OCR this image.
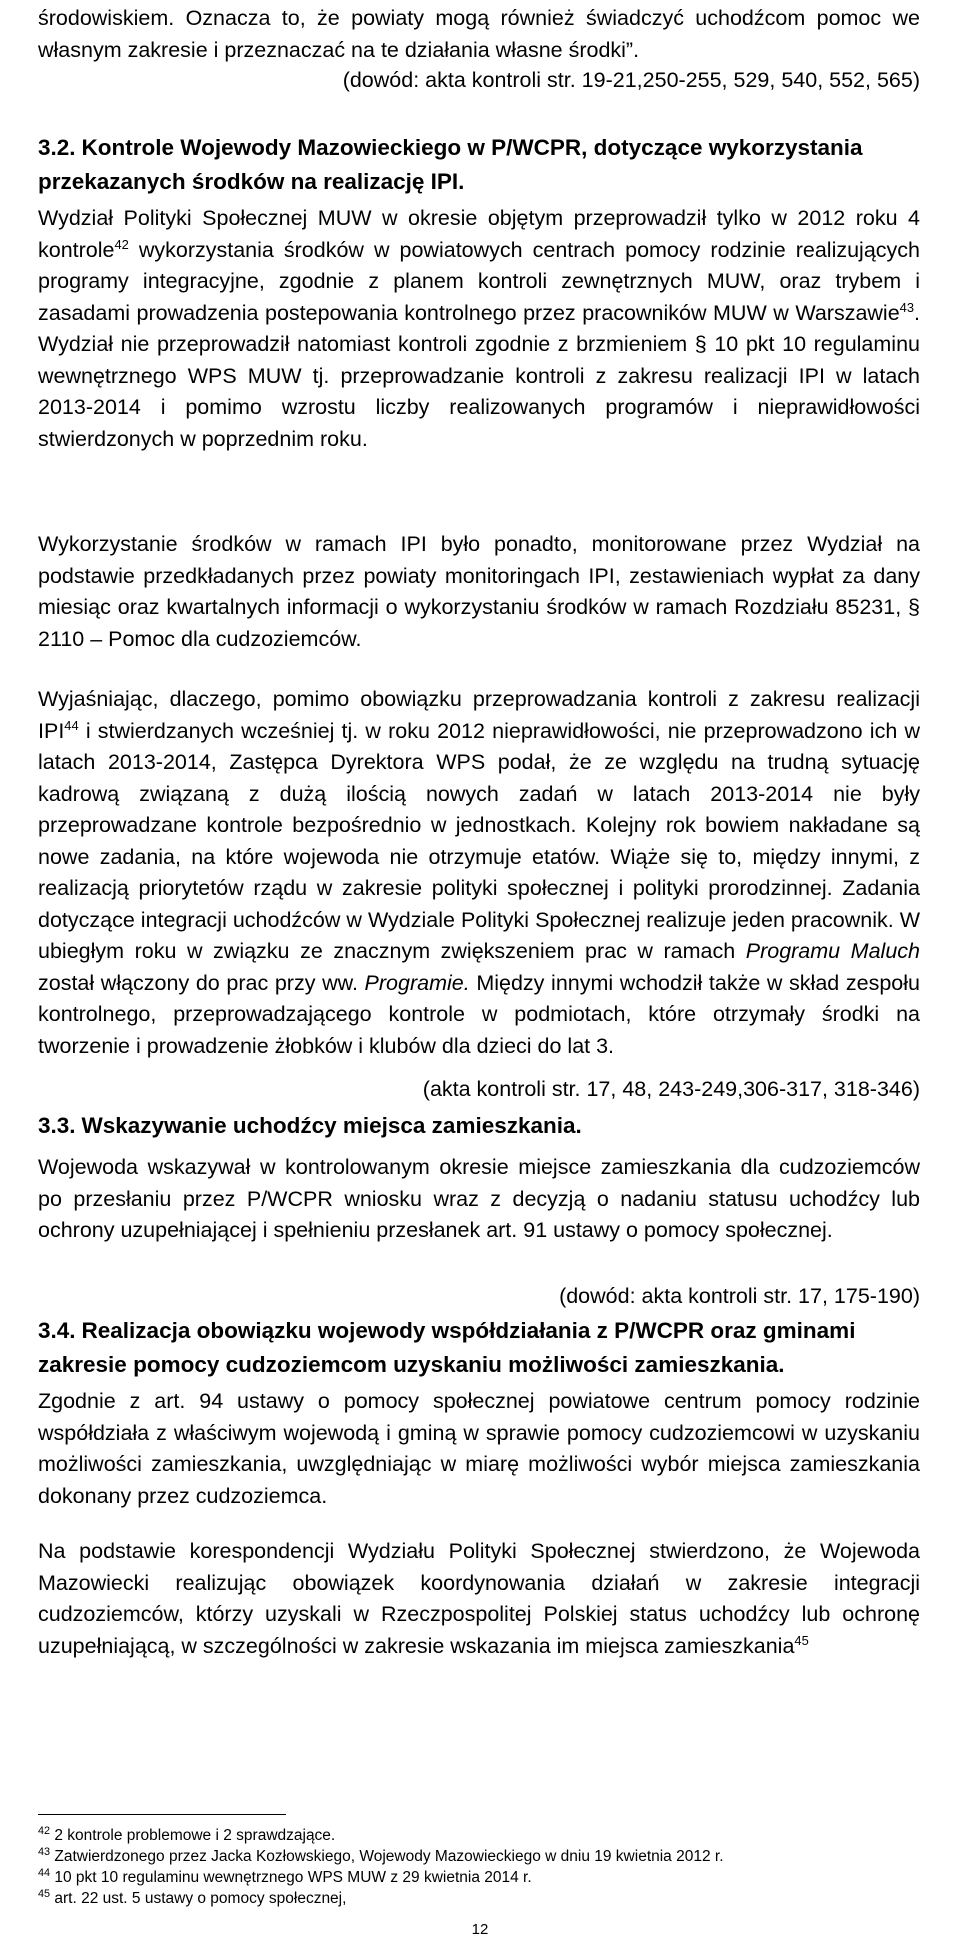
środowiskiem. Oznacza to, że powiaty mogą również świadczyć uchodźcom pomoc we własnym zakresie i przeznaczać na te działania własne środki”.

(dowód: akta kontroli str. 19-21,250-255, 529, 540, 552, 565)
3.2. Kontrole Wojewody Mazowieckiego w P/WCPR, dotyczące wykorzystania przekazanych środków na realizację IPI.

Wydział Polityki Społecznej MUW w okresie objętym przeprowadził tylko w 2012 roku 4 kontrole$^{42}$ wykorzystania środków w powiatowych centrach pomocy rodzinie realizujących programy integracyjne, zgodnie z planem kontroli zewnętrznych MUW, oraz trybem i zasadami prowadzenia postepowania kontrolnego przez pracowników MUW w Warszawie$^{43}$. Wydział nie przeprowadził natomiast kontroli zgodnie z brzmieniem § 10 pkt 10 regulaminu wewnętrznego WPS MUW tj. przeprowadzanie kontroli z zakresu realizacji IPI w latach 2013-2014 i pomimo wzrostu liczby realizowanych programów i nieprawidłowości stwierdzonych w poprzednim roku.

Wykorzystanie środków w ramach IPI było ponadto, monitorowane przez Wydział na podstawie przedkładanych przez powiaty monitoringach IPI, zestawieniach wypłat za dany miesiąc oraz kwartalnych informacji o wykorzystaniu środków w ramach Rozdziału 85231, § 2110 – Pomoc dla cudzoziemców.

Wyjaśniając, dlaczego, pomimo obowiązku przeprowadzania kontroli z zakresu realizacji IPI$^{44}$ i stwierdzanych wcześniej tj. w roku 2012 nieprawidłowości, nie przeprowadzono ich w latach 2013-2014, Zastępca Dyrektora WPS podał, że ze względu na trudną sytuację kadrową związaną z dużą ilością nowych zadań w latach 2013-2014 nie były przeprowadzane kontrole bezpośrednio w jednostkach. Kolejny rok bowiem nakładane są nowe zadania, na które wojewoda nie otrzymuje etatów. Wiąże się to, między innymi, z realizacją priorytetów rządu w zakresie polityki społecznej i polityki prorodzinnej. Zadania dotyczące integracji uchodźców w Wydziale Polityki Społecznej realizuje jeden pracownik. W ubiegłym roku w związku ze znacznym zwiększeniem prac w ramach Programu Maluch został włączony do prac przy ww. Programie. Między innymi wchodził także w skład zespołu kontrolnego, przeprowadzającego kontrole w podmiotach, które otrzymały środki na tworzenie i prowadzenie żłobków i klubów dla dzieci do lat 3.

(akta kontroli str. 17, 48, 243-249,306-317, 318-346)
3.3. Wskazywanie uchodźcy miejsca zamieszkania.

Wojewoda wskazywał w kontrolowanym okresie miejsce zamieszkania dla cudzoziemców po przesłaniu przez P/WCPR wniosku wraz z decyzją o nadaniu statusu uchodźcy lub ochrony uzupełniającej i spełnieniu przesłanek art. 91 ustawy o pomocy społecznej.

(dowód: akta kontroli str. 17, 175-190)
3.4. Realizacja obowiązku wojewody współdziałania z P/WCPR oraz gminami zakresie pomocy cudzoziemcom uzyskaniu możliwości zamieszkania.

Zgodnie z art. 94 ustawy o pomocy społecznej powiatowe centrum pomocy rodzinie współdziała z właściwym wojewodą i gminą w sprawie pomocy cudzoziemcowi w uzyskaniu możliwości zamieszkania, uwzględniając w miarę możliwości wybór miejsca zamieszkania dokonany przez cudzoziemca.

Na podstawie korespondencji Wydziału Polityki Społecznej stwierdzono, że Wojewoda Mazowiecki realizując obowiązek koordynowania działań w zakresie integracji cudzoziemców, którzy uzyskali w Rzeczpospolitej Polskiej status uchodźcy lub ochronę uzupełniającą, w szczególności w zakresie wskazania im miejsca zamieszkania$^{45}$

$^{42}$ 2 kontrole problemowe i 2 sprawdzające.

$^{43}$ Zatwierdzonego przez Jacka Kozłowskiego, Wojewody Mazowieckiego w dniu 19 kwietnia 2012 r.

$^{44}$ 10 pkt 10 regulaminu wewnętrznego WPS MUW z 29 kwietnia 2014 r.

$^{45}$ art. 22 ust. 5 ustawy o pomocy społecznej,

12
